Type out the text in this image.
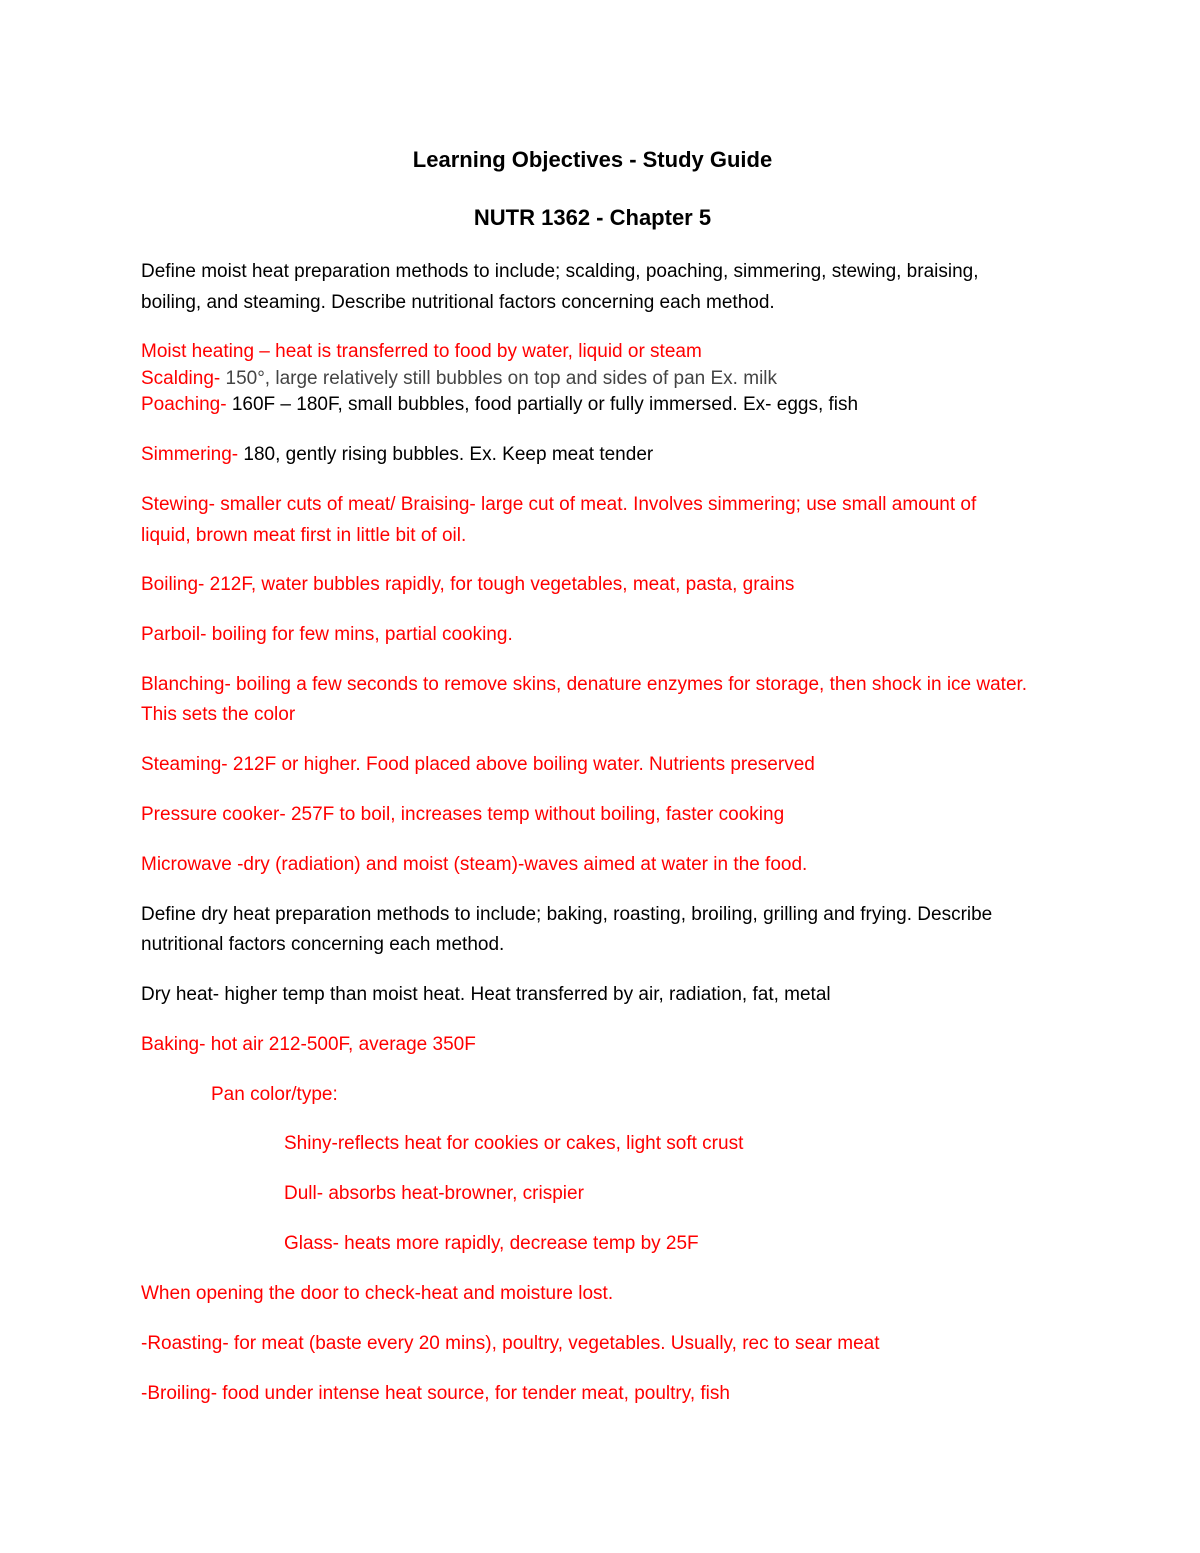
Learning Objectives - Study Guide
NUTR 1362 - Chapter 5
Define moist heat preparation methods to include; scalding, poaching, simmering, stewing, braising,
boiling, and steaming. Describe nutritional factors concerning each method.
Moist heating – heat is transferred to food by water, liquid or steam
Scalding- 150°, large relatively still bubbles on top and sides of pan Ex. milk
Poaching- 160F – 180F, small bubbles, food partially or fully immersed. Ex- eggs, fish
Simmering- 180, gently rising bubbles. Ex. Keep meat tender
Stewing- smaller cuts of meat/ Braising- large cut of meat. Involves simmering; use small amount of
liquid, brown meat first in little bit of oil.
Boiling- 212F, water bubbles rapidly, for tough vegetables, meat, pasta, grains
Parboil- boiling for few mins, partial cooking.
Blanching- boiling a few seconds to remove skins, denature enzymes for storage, then shock in ice water.
This sets the color
Steaming- 212F or higher. Food placed above boiling water. Nutrients preserved
Pressure cooker- 257F to boil, increases temp without boiling, faster cooking
Microwave -dry (radiation) and moist (steam)-waves aimed at water in the food.
Define dry heat preparation methods to include; baking, roasting, broiling, grilling and frying. Describe
nutritional factors concerning each method.
Dry heat- higher temp than moist heat. Heat transferred by air, radiation, fat, metal
Baking- hot air 212-500F, average 350F
Pan color/type:
Shiny-reflects heat for cookies or cakes, light soft crust
Dull- absorbs heat-browner, crispier
Glass- heats more rapidly, decrease temp by 25F
When opening the door to check-heat and moisture lost.
-Roasting- for meat (baste every 20 mins), poultry, vegetables. Usually, rec to sear meat
-Broiling- food under intense heat source, for tender meat, poultry, fish
